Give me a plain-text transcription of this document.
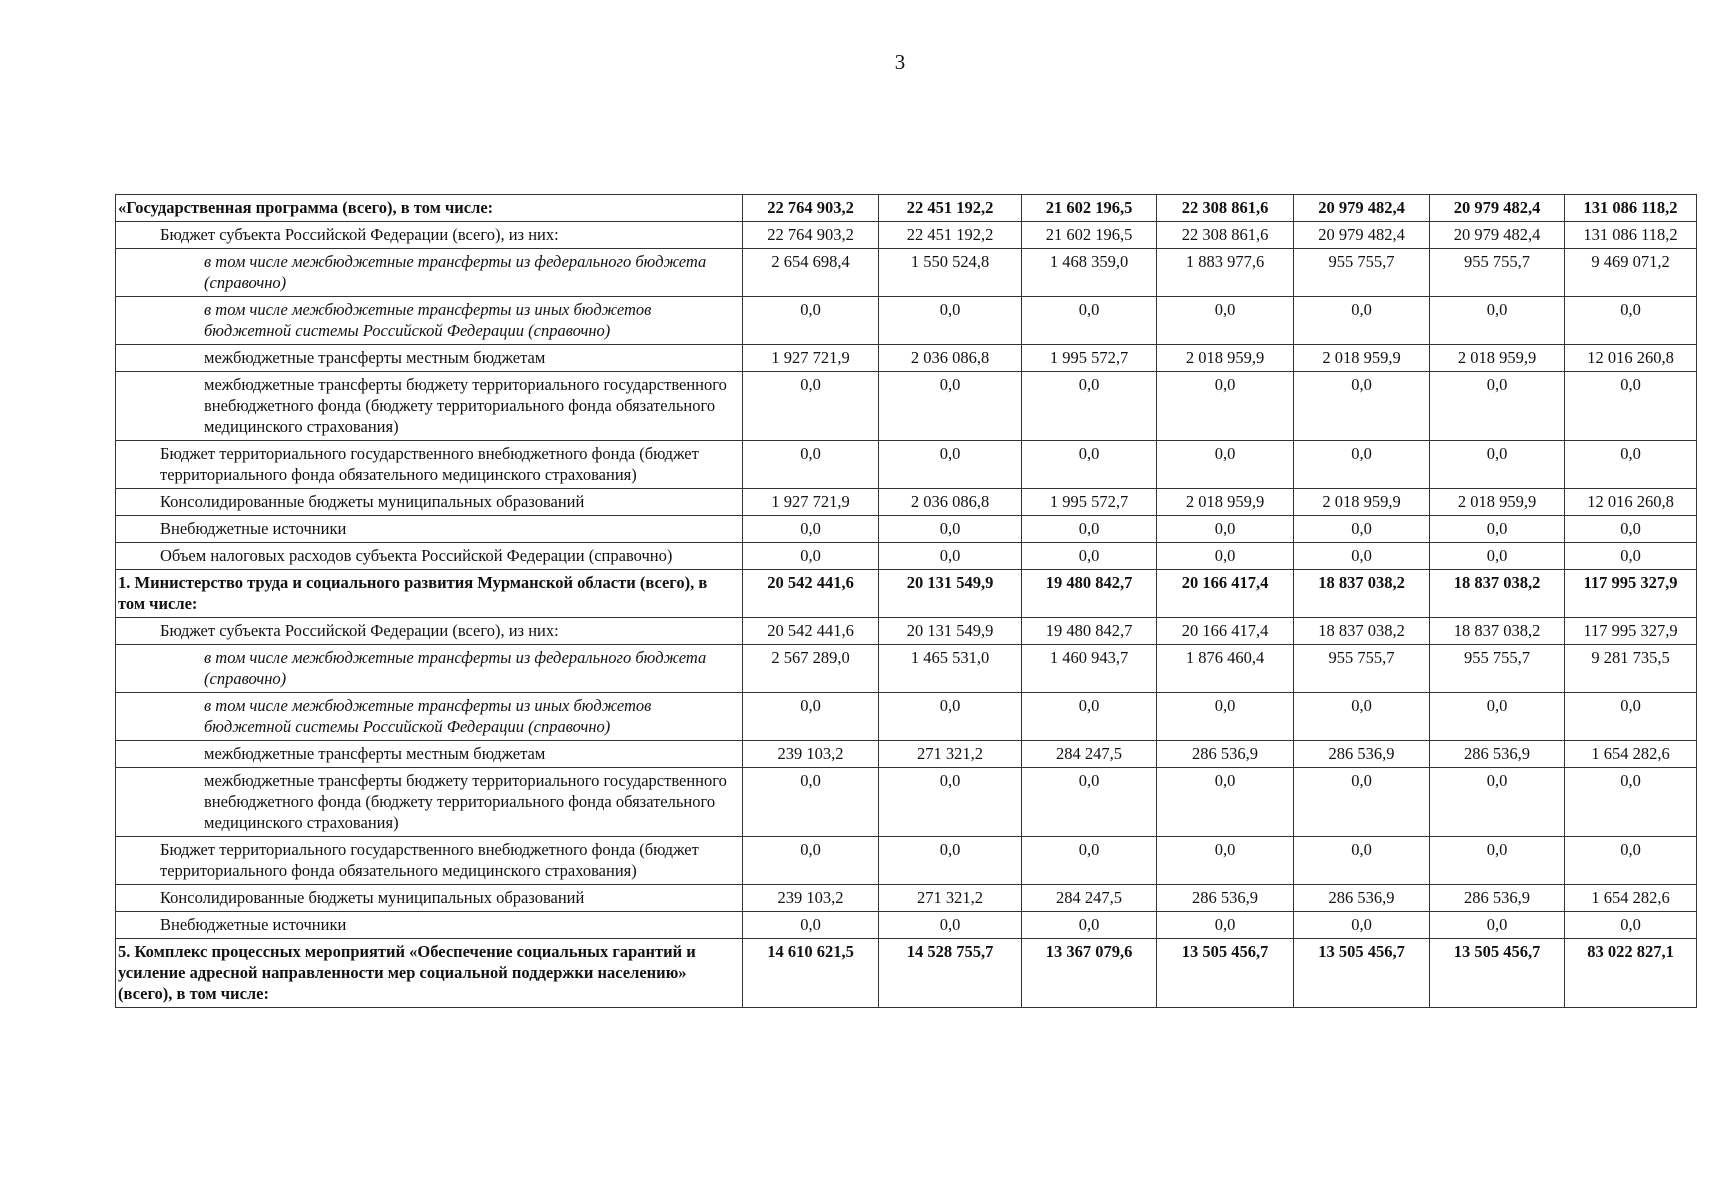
3
«Государственная программа (всего), в том числе:	22 764 903,2	22 451 192,2	21 602 196,5	22 308 861,6	20 979 482,4	20 979 482,4	131 086 118,2
Бюджет субъекта Российской Федерации (всего), из них:	22 764 903,2	22 451 192,2	21 602 196,5	22 308 861,6	20 979 482,4	20 979 482,4	131 086 118,2
в том числе межбюджетные трансферты из федерального бюджета (справочно)	2 654 698,4	1 550 524,8	1 468 359,0	1 883 977,6	955 755,7	955 755,7	9 469 071,2
в том числе межбюджетные трансферты из иных бюджетов бюджетной системы Российской Федерации (справочно)	0,0	0,0	0,0	0,0	0,0	0,0	0,0
межбюджетные трансферты местным бюджетам	1 927 721,9	2 036 086,8	1 995 572,7	2 018 959,9	2 018 959,9	2 018 959,9	12 016 260,8
межбюджетные трансферты бюджету территориального государственного внебюджетного фонда (бюджету территориального фонда обязательного медицинского страхования)	0,0	0,0	0,0	0,0	0,0	0,0	0,0
Бюджет территориального государственного внебюджетного фонда (бюджет территориального фонда обязательного медицинского страхования)	0,0	0,0	0,0	0,0	0,0	0,0	0,0
Консолидированные бюджеты муниципальных образований	1 927 721,9	2 036 086,8	1 995 572,7	2 018 959,9	2 018 959,9	2 018 959,9	12 016 260,8
Внебюджетные источники	0,0	0,0	0,0	0,0	0,0	0,0	0,0
Объем налоговых расходов субъекта Российской Федерации (справочно)	0,0	0,0	0,0	0,0	0,0	0,0	0,0
1. Министерство труда и социального развития Мурманской области (всего), в том числе:	20 542 441,6	20 131 549,9	19 480 842,7	20 166 417,4	18 837 038,2	18 837 038,2	117 995 327,9
Бюджет субъекта Российской Федерации (всего), из них:	20 542 441,6	20 131 549,9	19 480 842,7	20 166 417,4	18 837 038,2	18 837 038,2	117 995 327,9
в том числе межбюджетные трансферты из федерального бюджета (справочно)	2 567 289,0	1 465 531,0	1 460 943,7	1 876 460,4	955 755,7	955 755,7	9 281 735,5
в том числе межбюджетные трансферты из иных бюджетов бюджетной системы Российской Федерации (справочно)	0,0	0,0	0,0	0,0	0,0	0,0	0,0
межбюджетные трансферты местным бюджетам	239 103,2	271 321,2	284 247,5	286 536,9	286 536,9	286 536,9	1 654 282,6
межбюджетные трансферты бюджету территориального государственного внебюджетного фонда (бюджету территориального фонда обязательного медицинского страхования)	0,0	0,0	0,0	0,0	0,0	0,0	0,0
Бюджет территориального государственного внебюджетного фонда (бюджет территориального фонда обязательного медицинского страхования)	0,0	0,0	0,0	0,0	0,0	0,0	0,0
Консолидированные бюджеты муниципальных образований	239 103,2	271 321,2	284 247,5	286 536,9	286 536,9	286 536,9	1 654 282,6
Внебюджетные источники	0,0	0,0	0,0	0,0	0,0	0,0	0,0
5. Комплекс процессных мероприятий «Обеспечение социальных гарантий и усиление адресной направленности мер социальной поддержки населению» (всего), в том числе:	14 610 621,5	14 528 755,7	13 367 079,6	13 505 456,7	13 505 456,7	13 505 456,7	83 022 827,1
